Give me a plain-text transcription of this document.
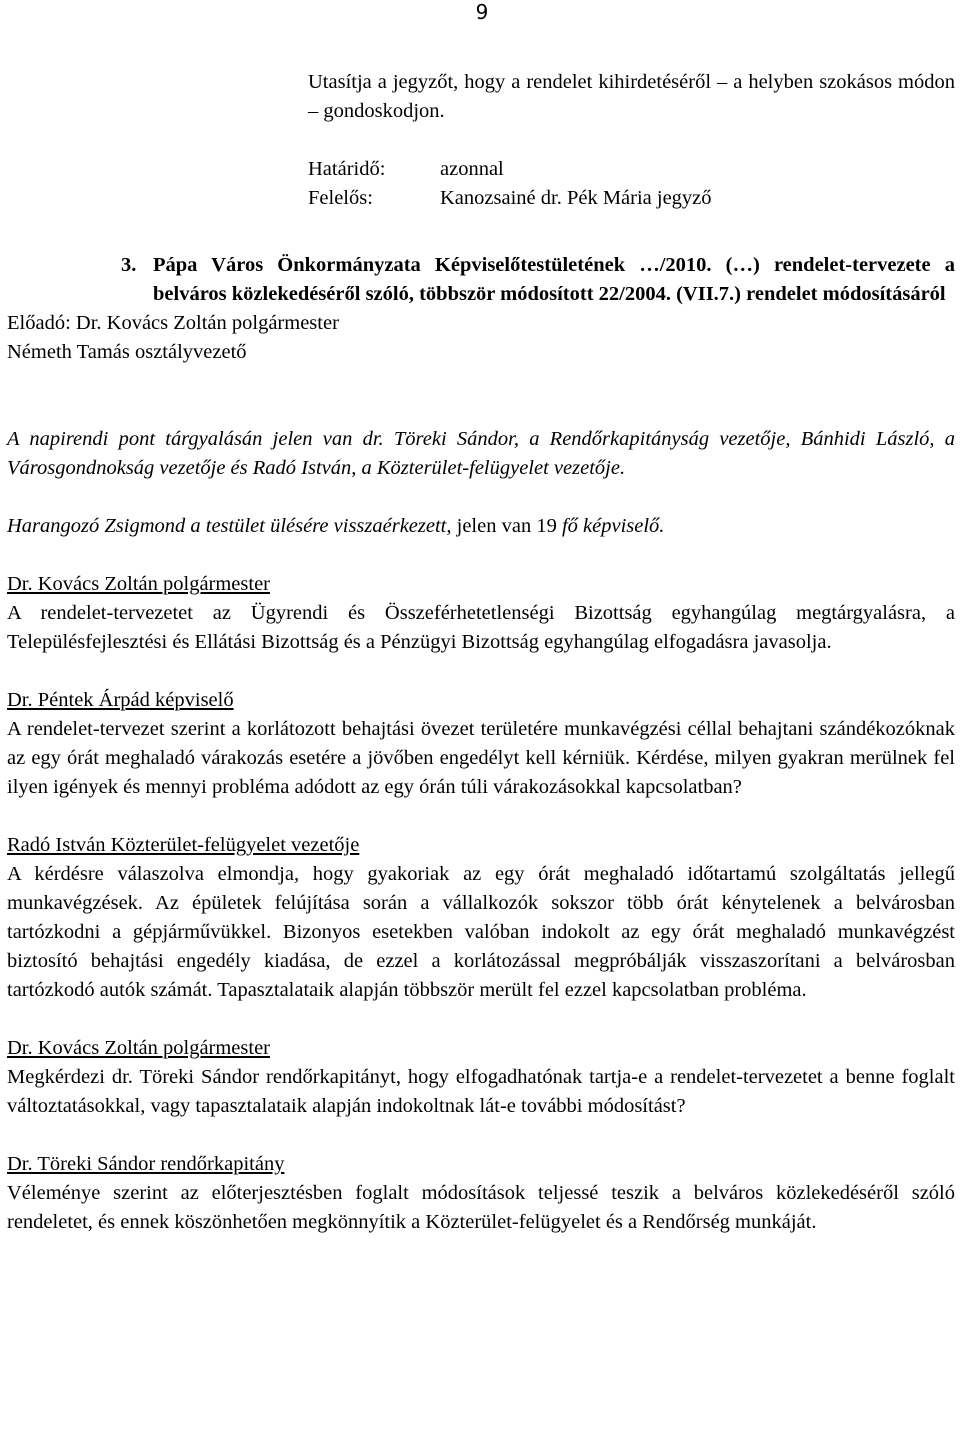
9

Utasítja a jegyzőt, hogy a rendelet kihirdetéséről – a helyben szokásos módon – gondoskodjon.

Határidő:	azonnal
Felelős:	Kanozsainé dr. Pék Mária jegyző
3. Pápa Város Önkormányzata Képviselőtestületének …/2010. (…) rendelet-tervezete a belváros közlekedéséről szóló, többször módosított 22/2004. (VII.7.) rendelet módosításáról

Előadó: Dr. Kovács Zoltán polgármester

Németh Tamás osztályvezető

A napirendi pont tárgyalásán jelen van dr. Töreki Sándor, a Rendőrkapitányság vezetője, Bánhidi László, a Városgondnokság vezetője és Radó István, a Közterület-felügyelet vezetője.

Harangozó Zsigmond a testület ülésére visszaérkezett, jelen van 19 fő képviselő.

Dr. Kovács Zoltán polgármester

A rendelet-tervezetet az Ügyrendi és Összeférhetetlenségi Bizottság egyhangúlag megtárgyalásra, a Településfejlesztési és Ellátási Bizottság és a Pénzügyi Bizottság egyhangúlag elfogadásra javasolja.

Dr. Péntek Árpád képviselő

A rendelet-tervezet szerint a korlátozott behajtási övezet területére munkavégzési céllal behajtani szándékozóknak az egy órát meghaladó várakozás esetére a jövőben engedélyt kell kérniük. Kérdése, milyen gyakran merülnek fel ilyen igények és mennyi probléma adódott az egy órán túli várakozásokkal kapcsolatban?

Radó István Közterület-felügyelet vezetője

A kérdésre válaszolva elmondja, hogy gyakoriak az egy órát meghaladó időtartamú szolgáltatás jellegű munkavégzések. Az épületek felújítása során a vállalkozók sokszor több órát kénytelenek a belvárosban tartózkodni a gépjárművükkel. Bizonyos esetekben valóban indokolt az egy órát meghaladó munkavégzést biztosító behajtási engedély kiadása, de ezzel a korlátozással megpróbálják visszaszorítani a belvárosban tartózkodó autók számát. Tapasztalataik alapján többször merült fel ezzel kapcsolatban probléma.

Dr. Kovács Zoltán polgármester

Megkérdezi dr. Töreki Sándor rendőrkapitányt, hogy elfogadhatónak tartja-e a rendelet-tervezetet a benne foglalt változtatásokkal, vagy tapasztalataik alapján indokoltnak lát-e további módosítást?

Dr. Töreki Sándor rendőrkapitány

Véleménye szerint az előterjesztésben foglalt módosítások teljessé teszik a belváros közlekedéséről szóló rendeletet, és ennek köszönhetően megkönnyítik a Közterület-felügyelet és a Rendőrség munkáját.
